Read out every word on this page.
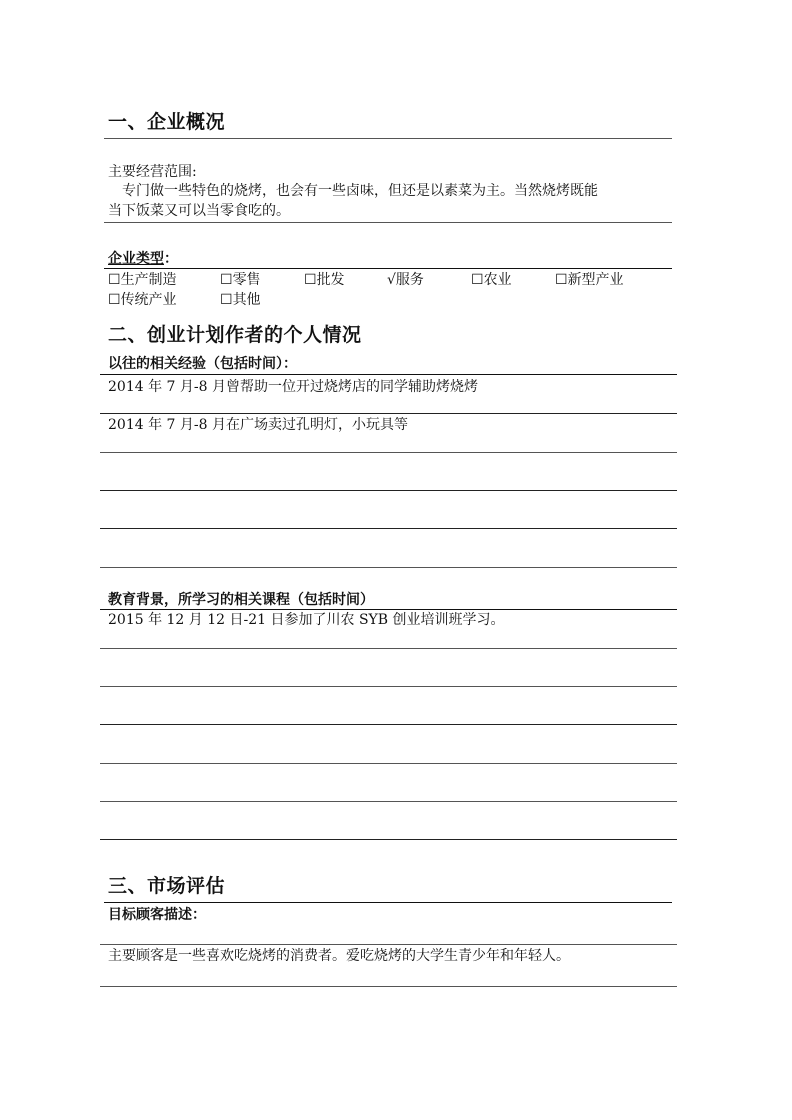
一、企业概况
主要经营范围:
专门做一些特色的烧烤，也会有一些卤味，但还是以素菜为主。当然烧烤既能
当下饭菜又可以当零食吃的。
企业类型：
☐生产制造	☐零售	☐批发	√服务	☐农业	☐新型产业
☐传统产业	☐其他
二、创业计划作者的个人情况
以往的相关经验（包括时间）：
2014 年 7 月-8 月曾帮助一位开过烧烤店的同学辅助烤烧烤
2014 年 7 月-8 月在广场卖过孔明灯，小玩具等
教育背景，所学习的相关课程（包括时间）
2015 年 12 月 12 日-21 日参加了川农 SYB 创业培训班学习。
三、市场评估
目标顾客描述：
主要顾客是一些喜欢吃烧烤的消费者。爱吃烧烤的大学生青少年和年轻人。
